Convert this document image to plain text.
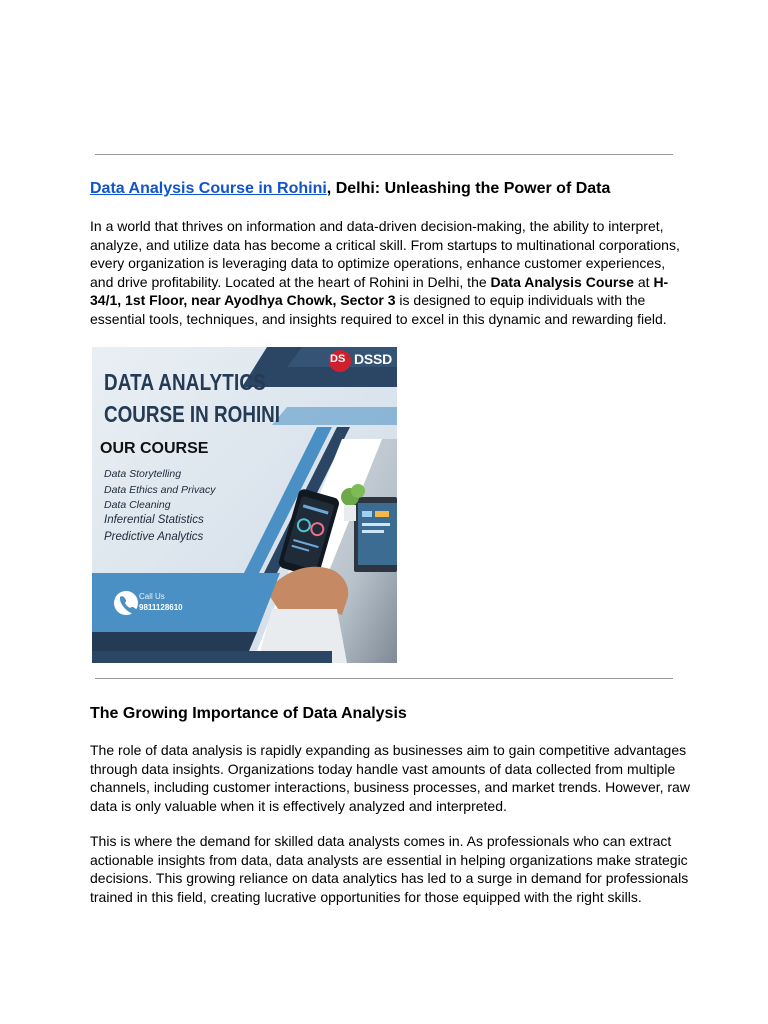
Data Analysis Course in Rohini, Delhi: Unleashing the Power of Data

In a world that thrives on information and data-driven decision-making, the ability to interpret, analyze, and utilize data has become a critical skill. From startups to multinational corporations, every organization is leveraging data to optimize operations, enhance customer experiences, and drive profitability. Located at the heart of Rohini in Delhi, the Data Analysis Course at H-34/1, 1st Floor, near Ayodhya Chowk, Sector 3 is designed to equip individuals with the essential tools, techniques, and insights required to excel in this dynamic and rewarding field.

DATA ANALYTICS
COURSE IN ROHINI
OUR COURSE
Data Storytelling
Data Ethics and Privacy
Data Cleaning
Inferential Statistics
Predictive Analytics
Call Us
9811128610
DS DSSD
The Growing Importance of Data Analysis

The role of data analysis is rapidly expanding as businesses aim to gain competitive advantages through data insights. Organizations today handle vast amounts of data collected from multiple channels, including customer interactions, business processes, and market trends. However, raw data is only valuable when it is effectively analyzed and interpreted.

This is where the demand for skilled data analysts comes in. As professionals who can extract actionable insights from data, data analysts are essential in helping organizations make strategic decisions. This growing reliance on data analytics has led to a surge in demand for professionals trained in this field, creating lucrative opportunities for those equipped with the right skills.
